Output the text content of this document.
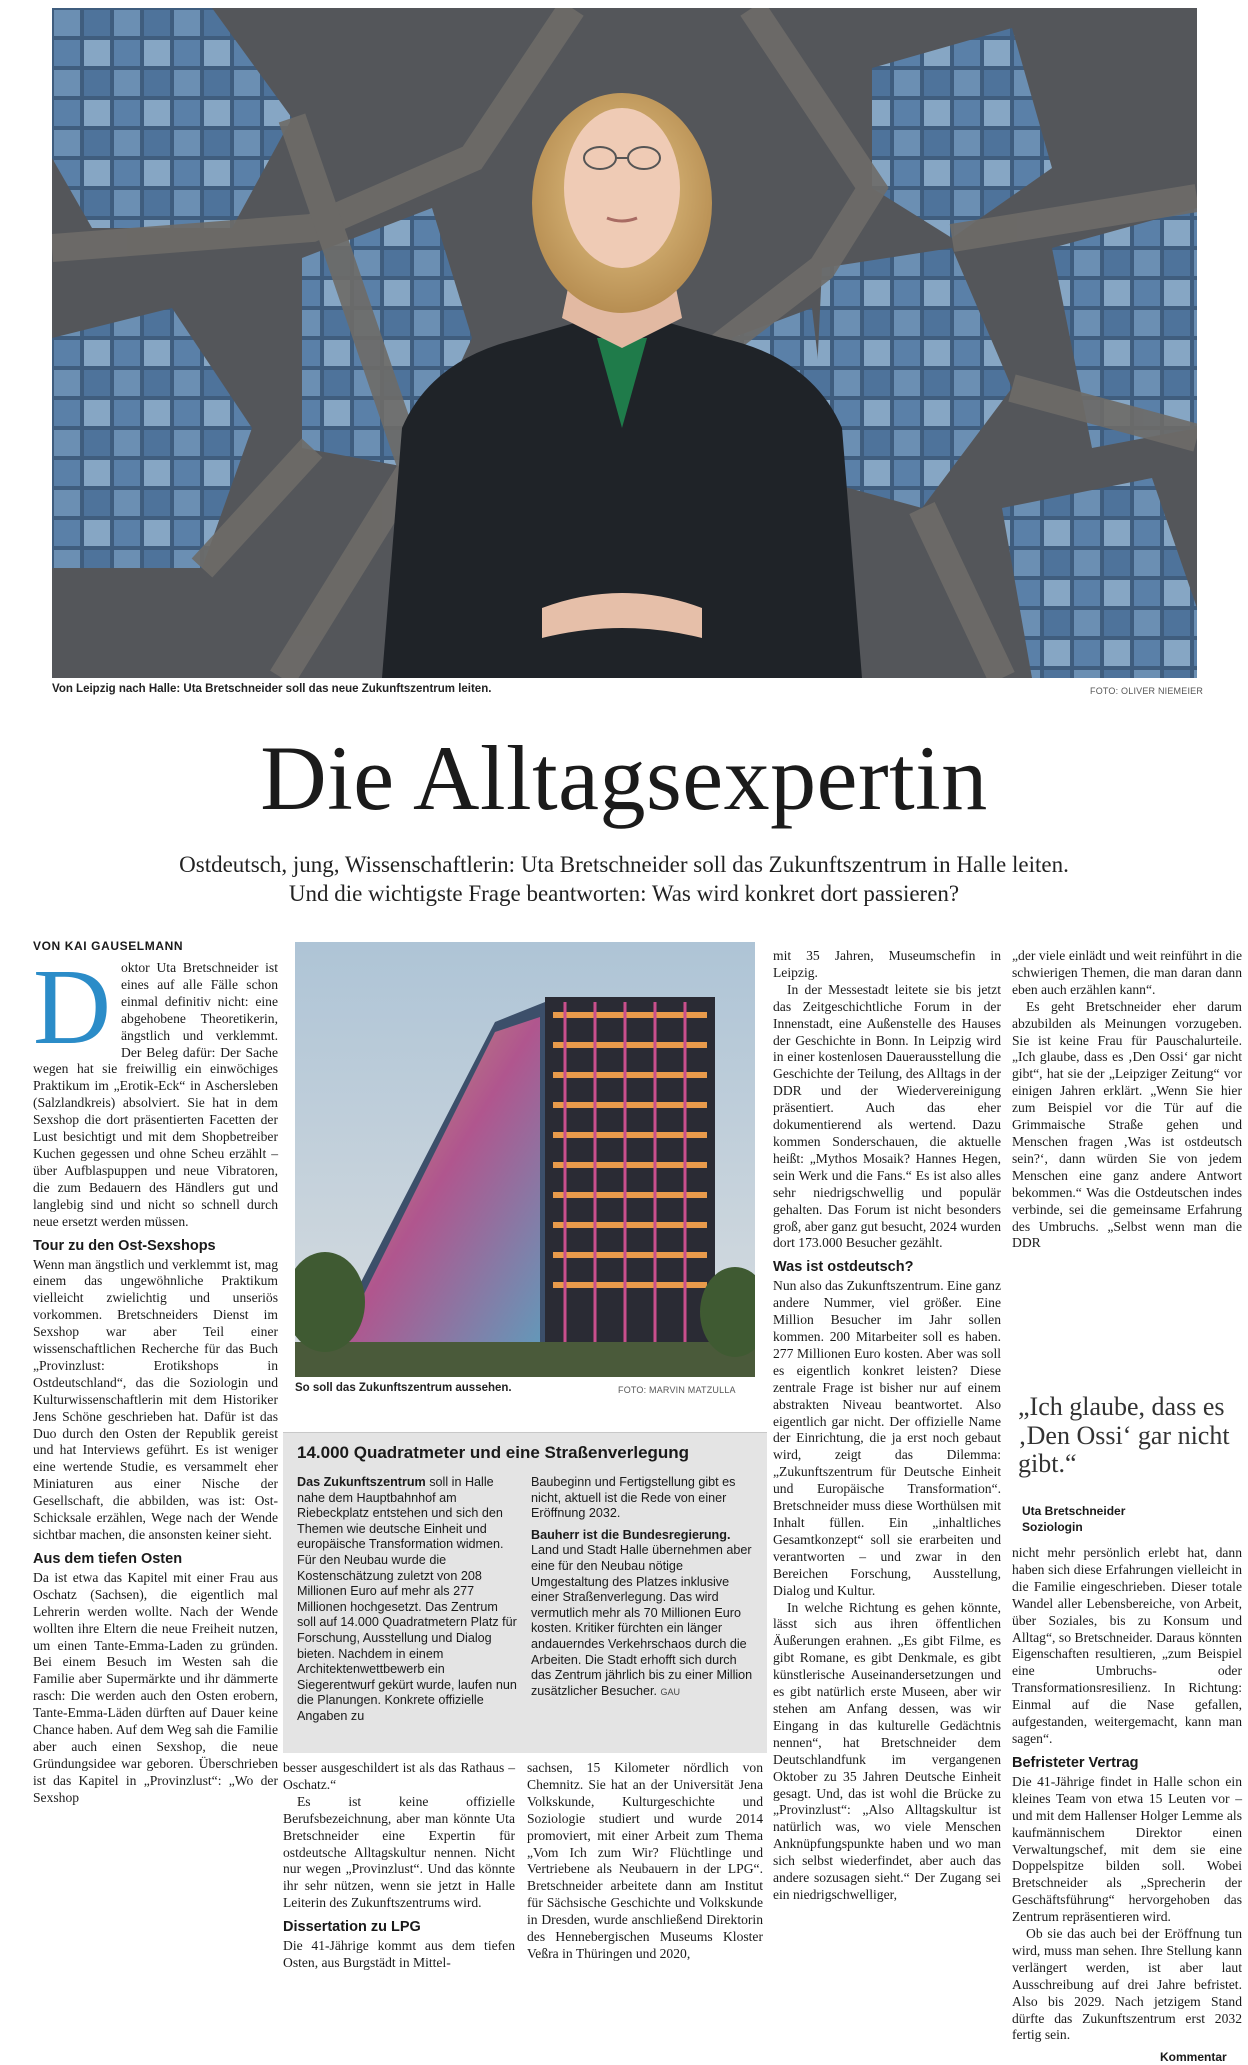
Von Leipzig nach Halle: Uta Bretschneider soll das neue Zukunftszentrum leiten.	FOTO: OLIVER NIEMEIER
Die Alltagsexpertin
Ostdeutsch, jung, Wissenschaftlerin: Uta Bretschneider soll das Zukunftszentrum in Halle leiten.
Und die wichtigste Frage beantworten: Was wird konkret dort passieren?
VON KAI GAUSELMANN
D oktor Uta Bretschneider ist eines auf alle Fälle schon einmal definitiv nicht: eine abgehobene Theoretikerin, ängstlich und verklemmt. Der Beleg dafür: Der Sache wegen hat sie freiwillig ein einwöchiges Praktikum im „Erotik-Eck“ in Aschersleben (Salzlandkreis) absolviert. Sie hat in dem Sexshop die dort präsentierten Facetten der Lust besichtigt und mit dem Shopbetreiber Kuchen gegessen und ohne Scheu erzählt – über Aufblaspuppen und neue Vibratoren, die zum Bedauern des Händlers gut und langlebig sind und nicht so schnell durch neue ersetzt werden müssen.

Tour zu den Ost-Sexshops

Wenn man ängstlich und verklemmt ist, mag einem das ungewöhnliche Praktikum vielleicht zwielichtig und unseriös vorkommen. Bretschneiders Dienst im Sexshop war aber Teil einer wissenschaftlichen Recherche für das Buch „Provinzlust: Erotikshops in Ostdeutschland“, das die Soziologin und Kulturwissenschaftlerin mit dem Historiker Jens Schöne geschrieben hat. Dafür ist das Duo durch den Osten der Republik gereist und hat Interviews geführt. Es ist weniger eine wertende Studie, es versammelt eher Miniaturen aus einer Nische der Gesellschaft, die abbilden, was ist: Ost-Schicksale erzählen, Wege nach der Wende sichtbar machen, die ansonsten keiner sieht.

Aus dem tiefen Osten

Da ist etwa das Kapitel mit einer Frau aus Oschatz (Sachsen), die eigentlich mal Lehrerin werden wollte. Nach der Wende wollten ihre Eltern die neue Freiheit nutzen, um einen Tante-Emma-Laden zu gründen. Bei einem Besuch im Westen sah die Familie aber Supermärkte und ihr dämmerte rasch: Die werden auch den Osten erobern, Tante-Emma-Läden dürften auf Dauer keine Chance haben. Auf dem Weg sah die Familie aber auch einen Sexshop, die neue Gründungsidee war geboren. Überschrieben ist das Kapitel in „Provinzlust“: „Wo der Sexshop

So soll das Zukunftszentrum aussehen.	FOTO: MARVIN MATZULLA
14.000 Quadratmeter und eine Straßenverlegung

Das Zukunftszentrum soll in Halle nahe dem Hauptbahnhof am Riebeckplatz entstehen und sich den Themen wie deutsche Einheit und europäische Transformation widmen. Für den Neubau wurde die Kostenschätzung zuletzt von 208 Millionen Euro auf mehr als 277 Millionen hochgesetzt. Das Zentrum soll auf 14.000 Quadratmetern Platz für Forschung, Ausstellung und Dialog bieten. Nachdem in einem Architektenwettbewerb ein Siegerentwurf gekürt wurde, laufen nun die Planungen. Konkrete offizielle Angaben zu

Baubeginn und Fertigstellung gibt es nicht, aktuell ist die Rede von einer Eröffnung 2032.

Bauherr ist die Bundesregierung. Land und Stadt Halle übernehmen aber eine für den Neubau nötige Umgestaltung des Platzes inklusive einer Straßenverlegung. Das wird vermutlich mehr als 70 Millionen Euro kosten. Kritiker fürchten ein länger andauerndes Verkehrschaos durch die Arbeiten. Die Stadt erhofft sich durch das Zentrum jährlich bis zu einer Million zusätzlicher Besucher. GAU

besser ausgeschildert ist als das Rathaus – Oschatz.“

Es ist keine offizielle Berufsbezeichnung, aber man könnte Uta Bretschneider eine Expertin für ostdeutsche Alltagskultur nennen. Nicht nur wegen „Provinzlust“. Und das könnte ihr sehr nützen, wenn sie jetzt in Halle Leiterin des Zukunftszentrums wird.

Dissertation zu LPG

Die 41-Jährige kommt aus dem tiefen Osten, aus Burgstädt in Mittel-

sachsen, 15 Kilometer nördlich von Chemnitz. Sie hat an der Universität Jena Volkskunde, Kulturgeschichte und Soziologie studiert und wurde 2014 promoviert, mit einer Arbeit zum Thema „Vom Ich zum Wir? Flüchtlinge und Vertriebene als Neubauern in der LPG“. Bretschneider arbeitete dann am Institut für Sächsische Geschichte und Volkskunde in Dresden, wurde anschließend Direktorin des Hennebergischen Museums Kloster Veßra in Thüringen und 2020,

mit 35 Jahren, Museumschefin in Leipzig.

In der Messestadt leitete sie bis jetzt das Zeitgeschichtliche Forum in der Innenstadt, eine Außenstelle des Hauses der Geschichte in Bonn. In Leipzig wird in einer kostenlosen Dauerausstellung die Geschichte der Teilung, des Alltags in der DDR und der Wiedervereinigung präsentiert. Auch das eher dokumentierend als wertend. Dazu kommen Sonderschauen, die aktuelle heißt: „Mythos Mosaik? Hannes Hegen, sein Werk und die Fans.“ Es ist also alles sehr niedrigschwellig und populär gehalten. Das Forum ist nicht besonders groß, aber ganz gut besucht, 2024 wurden dort 173.000 Besucher gezählt.

Was ist ostdeutsch?

Nun also das Zukunftszentrum. Eine ganz andere Nummer, viel größer. Eine Million Besucher im Jahr sollen kommen. 200 Mitarbeiter soll es haben. 277 Millionen Euro kosten. Aber was soll es eigentlich konkret leisten? Diese zentrale Frage ist bisher nur auf einem abstrakten Niveau beantwortet. Also eigentlich gar nicht. Der offizielle Name der Einrichtung, die ja erst noch gebaut wird, zeigt das Dilemma: „Zukunftszentrum für Deutsche Einheit und Europäische Transformation“. Bretschneider muss diese Worthülsen mit Inhalt füllen. Ein „inhaltliches Gesamtkonzept“ soll sie erarbeiten und verantworten – und zwar in den Bereichen Forschung, Ausstellung, Dialog und Kultur.

In welche Richtung es gehen könnte, lässt sich aus ihren öffentlichen Äußerungen erahnen. „Es gibt Filme, es gibt Romane, es gibt Denkmale, es gibt künstlerische Auseinandersetzungen und es gibt natürlich erste Museen, aber wir stehen am Anfang dessen, was wir Eingang in das kulturelle Gedächtnis nennen“, hat Bretschneider dem Deutschlandfunk im vergangenen Oktober zu 35 Jahren Deutsche Einheit gesagt. Und, das ist wohl die Brücke zu „Provinzlust“: „Also Alltagskultur ist natürlich was, wo viele Menschen Anknüpfungspunkte haben und wo man sich selbst wiederfindet, aber auch das andere sozusagen sieht.“ Der Zugang sei ein niedrigschwelliger,

„der viele einlädt und weit reinführt in die schwierigen Themen, die man daran dann eben auch erzählen kann“.

Es geht Bretschneider eher darum abzubilden als Meinungen vorzugeben. Sie ist keine Frau für Pauschalurteile. „Ich glaube, dass es ‚Den Ossi‘ gar nicht gibt“, hat sie der „Leipziger Zeitung“ vor einigen Jahren erklärt. „Wenn Sie hier zum Beispiel vor die Tür auf die Grimmaische Straße gehen und Menschen fragen ‚Was ist ostdeutsch sein?‘, dann würden Sie von jedem Menschen eine ganz andere Antwort bekommen.“ Was die Ostdeutschen indes verbinde, sei die gemeinsame Erfahrung des Umbruchs. „Selbst wenn man die DDR

„Ich glaube, dass es ‚Den Ossi‘ gar nicht gibt.“
Uta Bretschneider
Soziologin

nicht mehr persönlich erlebt hat, dann haben sich diese Erfahrungen vielleicht in die Familie eingeschrieben. Dieser totale Wandel aller Lebensbereiche, von Arbeit, über Soziales, bis zu Konsum und Alltag“, so Bretschneider. Daraus könnten Eigenschaften resultieren, „zum Beispiel eine Umbruchs- oder Transformationsresilienz. In Richtung: Einmal auf die Nase gefallen, aufgestanden, weitergemacht, kann man sagen“.

Befristeter Vertrag

Die 41-Jährige findet in Halle schon ein kleines Team von etwa 15 Leuten vor – und mit dem Hallenser Holger Lemme als kaufmännischem Direktor einen Verwaltungschef, mit dem sie eine Doppelspitze bilden soll. Wobei Bretschneider als „Sprecherin der Geschäftsführung“ hervorgehoben das Zentrum repräsentieren wird.

Ob sie das auch bei der Eröffnung tun wird, muss man sehen. Ihre Stellung kann verlängert werden, ist aber laut Ausschreibung auf drei Jahre befristet. Also bis 2029. Nach jetzigem Stand dürfte das Zukunftszentrum erst 2032 fertig sein.

Kommentar
